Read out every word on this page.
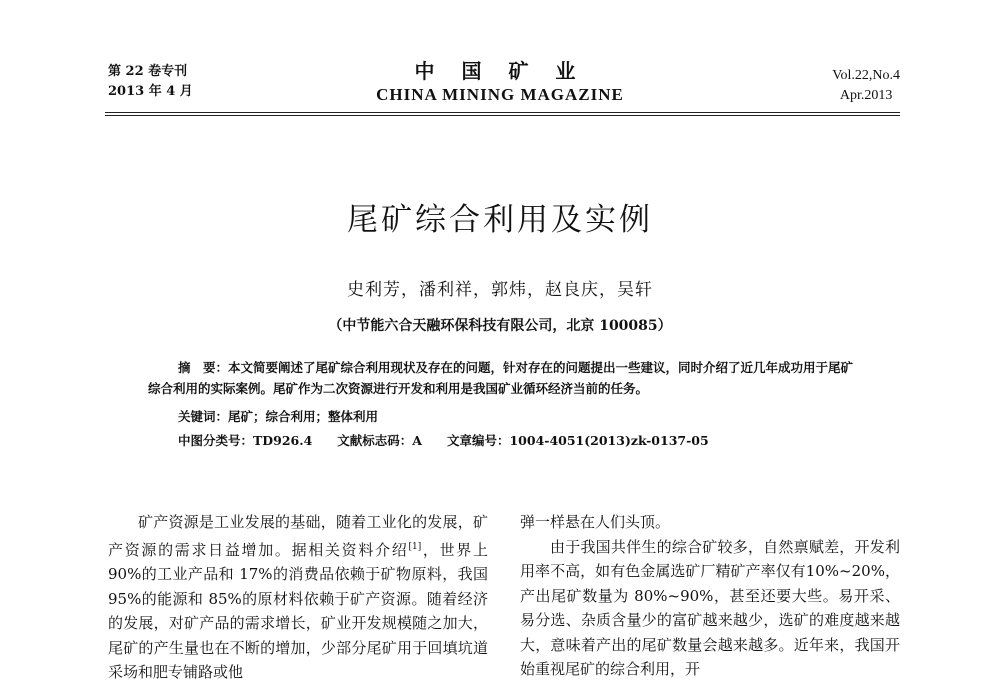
第 22 卷专刊
2013 年 4 月
中 国 矿 业
CHINA MINING MAGAZINE
Vol.22,No.4
Apr.2013
尾矿综合利用及实例
史利芳，潘利祥，郭炜，赵良庆，吴轩
（中节能六合天融环保科技有限公司，北京 100085）
摘　要：本文简要阐述了尾矿综合利用现状及存在的问题，针对存在的问题提出一些建议，同时介绍了近几年成功用于尾矿综合利用的实际案例。尾矿作为二次资源进行开发和利用是我国矿业循环经济当前的任务。
关键词：尾矿；综合利用；整体利用
中图分类号：TD926.4　　文献标志码：A　　文章编号：1004-4051(2013)zk-0137-05
矿产资源是工业发展的基础，随着工业化的发展，矿产资源的需求日益增加。据相关资料介绍[1]，世界上 90%的工业产品和 17%的消费品依赖于矿物原料，我国 95%的能源和 85%的原材料依赖于矿产资源。随着经济的发展，对矿产品的需求增长，矿业开发规模随之加大，尾矿的产生量也在不断的增加，少部分尾矿用于回填坑道采场和肥专铺路或他

弹一样悬在人们头顶。

由于我国共伴生的综合矿较多，自然禀赋差，开发利用率不高，如有色金属选矿厂精矿产率仅有10%~20%，产出尾矿数量为 80%~90%，甚至还要大些。易开采、易分选、杂质含量少的富矿越来越少，选矿的难度越来越大，意味着产出的尾矿数量会越来越多。近年来，我国开始重视尾矿的综合利用，开
